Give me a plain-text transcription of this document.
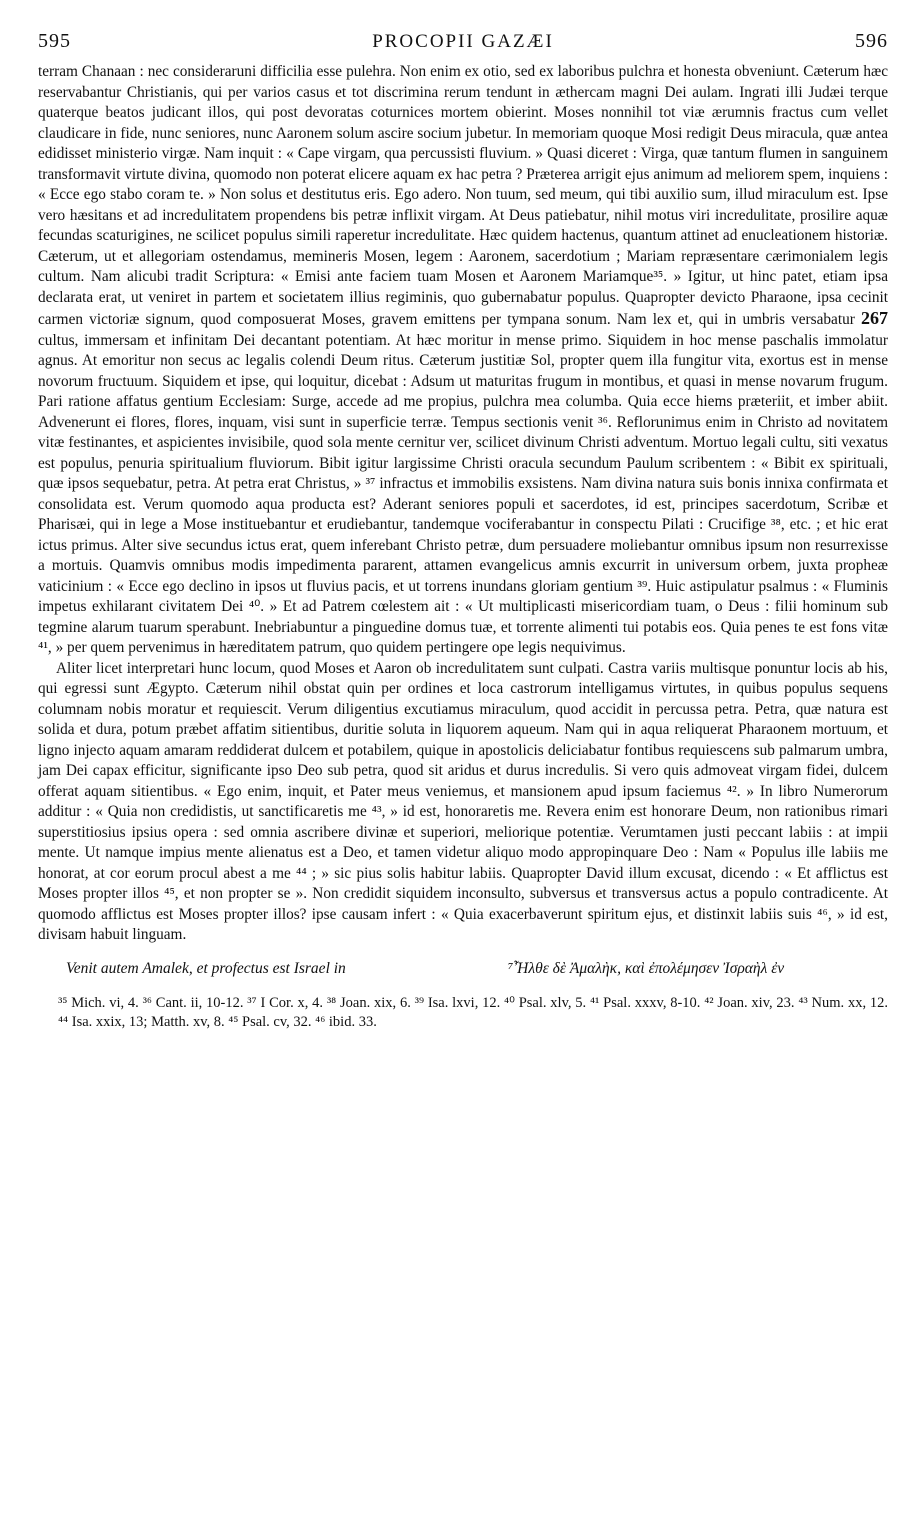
595	PROCOPII GAZÆI	596

terram Chanaan : nec consideraruni difficilia esse pulehra. Non enim ex otio, sed ex laboribus pulchra et honesta obveniunt. Cæterum hæc reservabantur Christianis, qui per varios casus et tot discrimina rerum tendunt in æthercam magni Dei aulam. Ingrati illi Judæi terque quaterque beatos judicant illos, qui post devoratas coturnices mortem obierint. Moses nonnihil tot viæ ærumnis fractus cum vellet claudicare in fide, nunc seniores, nunc Aaronem solum ascire socium jubetur. In memoriam quoque Mosi redigit Deus miracula, quæ antea edidisset ministerio virgæ. Nam inquit : « Cape virgam, qua percussisti fluvium. » Quasi diceret : Virga, quæ tantum flumen in sanguinem transformavit virtute divina, quomodo non poterat elicere aquam ex hac petra ? Præterea arrigit ejus animum ad meliorem spem, inquiens : « Ecce ego stabo coram te. » Non solus et destitutus eris. Ego adero. Non tuum, sed meum, qui tibi auxilio sum, illud miraculum est. Ipse vero hæsitans et ad incredulitatem propendens bis petræ inflixit virgam. At Deus patiebatur, nihil motus viri incredulitate, prosilire aquæ fecundas scaturigines, ne scilicet populus simili raperetur incredulitate. Hæc quidem hactenus, quantum attinet ad enucleationem historiæ. Cæterum, ut et allegoriam ostendamus, memineris Mosen, legem : Aaronem, sacerdotium ; Mariam repræsentare cærimonialem legis cultum. Nam alicubi tradit Scriptura: « Emisi ante faciem tuam Mosen et Aaronem Mariamque³⁵. » Igitur, ut hinc patet, etiam ipsa declarata erat, ut veniret in partem et societatem illius regiminis, quo gubernabatur populus. Quapropter devicto Pharaone, ipsa cecinit carmen victoriæ signum, quod composuerat Moses, gravem emittens per tympana sonum. Nam lex et, qui in umbris versabatur 267 cultus, immersam et infinitam Dei decantant potentiam. At hæc moritur in mense primo. Siquidem in hoc mense paschalis immolatur agnus. At emoritur non secus ac legalis colendi Deum ritus. Cæterum justitiæ Sol, propter quem illa fungitur vita, exortus est in mense novorum fructuum. Siquidem et ipse, qui loquitur, dicebat : Adsum ut maturitas frugum in montibus, et quasi in mense novarum frugum. Pari ratione affatus gentium Ecclesiam: Surge, accede ad me propius, pulchra mea columba. Quia ecce hiems præteriit, et imber abiit. Advenerunt ei flores, flores, inquam, visi sunt in superficie terræ. Tempus sectionis venit ³⁶. Reflorunimus enim in Christo ad novitatem vitæ festinantes, et aspicientes invisibile, quod sola mente cernitur ver, scilicet divinum Christi adventum. Mortuo legali cultu, siti vexatus est populus, penuria spiritualium fluviorum. Bibit igitur largissime Christi oracula secundum Paulum scribentem : « Bibit ex spirituali, quæ ipsos sequebatur, petra. At petra erat Christus, » ³⁷ infractus et immobilis exsistens. Nam divina natura suis bonis innixa confirmata et consolidata est. Verum quomodo aqua producta est? Aderant seniores populi et sacerdotes, id est, principes sacerdotum, Scribæ et Pharisæi, qui in lege a Mose instituebantur et erudiebantur, tandemque vociferabantur in conspectu Pilati : Crucifige ³⁸, etc. ; et hic erat ictus primus. Alter sive secundus ictus erat, quem inferebant Christo petræ, dum persuadere moliebantur omnibus ipsum non resurrexisse a mortuis. Quamvis omnibus modis impedimenta pararent, attamen evangelicus amnis excurrit in universum orbem, juxta propheæ vaticinium : « Ecce ego declino in ipsos ut fluvius pacis, et ut torrens inundans gloriam gentium ³⁹. Huic astipulatur psalmus : « Fluminis impetus exhilarant civitatem Dei ⁴⁰. » Et ad Patrem cœlestem ait : « Ut multiplicasti misericordiam tuam, o Deus : filii hominum sub tegmine alarum tuarum sperabunt. Inebriabuntur a pinguedine domus tuæ, et torrente alimenti tui potabis eos. Quia penes te est fons vitæ ⁴¹, » per quem pervenimus in hæreditatem patrum, quo quidem pertingere ope legis nequivimus.

Aliter licet interpretari hunc locum, quod Moses et Aaron ob incredulitatem sunt culpati. Castra variis multisque ponuntur locis ab his, qui egressi sunt Ægypto. Cæterum nihil obstat quin per ordines et loca castrorum intelligamus virtutes, in quibus populus sequens columnam nobis moratur et requiescit. Verum diligentius excutiamus miraculum, quod accidit in percussa petra. Petra, quæ natura est solida et dura, potum præbet affatim sitientibus, duritie soluta in liquorem aqueum. Nam qui in aqua reliquerat Pharaonem mortuum, et ligno injecto aquam amaram reddiderat dulcem et potabilem, quique in apostolicis deliciabatur fontibus requiescens sub palmarum umbra, jam Dei capax efficitur, significante ipso Deo sub petra, quod sit aridus et durus incredulis. Si vero quis admoveat virgam fidei, dulcem offerat aquam sitientibus. « Ego enim, inquit, et Pater meus veniemus, et mansionem apud ipsum faciemus ⁴². » In libro Numerorum additur : « Quia non credidistis, ut sanctificaretis me ⁴³, » id est, honoraretis me. Revera enim est honorare Deum, non rationibus rimari superstitiosius ipsius opera : sed omnia ascribere divinæ et superiori, melioriquе potentiæ. Verumtamen justi peccant labiis : at impii mente. Ut namque impius mente alienatus est a Deo, et tamen videtur aliquo modo appropinquare Deo : Nam « Populus ille labiis me honorat, at cor eorum procul abest a me ⁴⁴ ; » sic pius solis habitur labiis. Quapropter David illum excusat, dicendo : « Et afflictus est Moses propter illos ⁴⁵, et non propter se ». Non credidit siquidem inconsulto, subversus et transversus actus a populo contradicente. At quomodo afflictus est Moses propter illos? ipse causam infert : « Quia exacerbaverunt spiritum ejus, et distinxit labiis suis ⁴⁶, » id est, divisam habuit linguam.

Venit autem Amalek, et profectus est Israel in	⁷Ἦλθε δὲ Ἀμαλὴκ, καὶ ἐπολέμησεν Ἰσραὴλ ἐν
³⁵ Mich. vi, 4. ³⁶ Cant. ii, 10-12. ³⁷ I Cor. x, 4. ³⁸ Joan. xix, 6. ³⁹ Isa. lxvi, 12. ⁴⁰ Psal. xlv, 5. ⁴¹ Psal. xxxv, 8-10. ⁴² Joan. xiv, 23. ⁴³ Num. xx, 12. ⁴⁴ Isa. xxix, 13; Matth. xv, 8. ⁴⁵ Psal. cv, 32. ⁴⁶ ibid. 33.
